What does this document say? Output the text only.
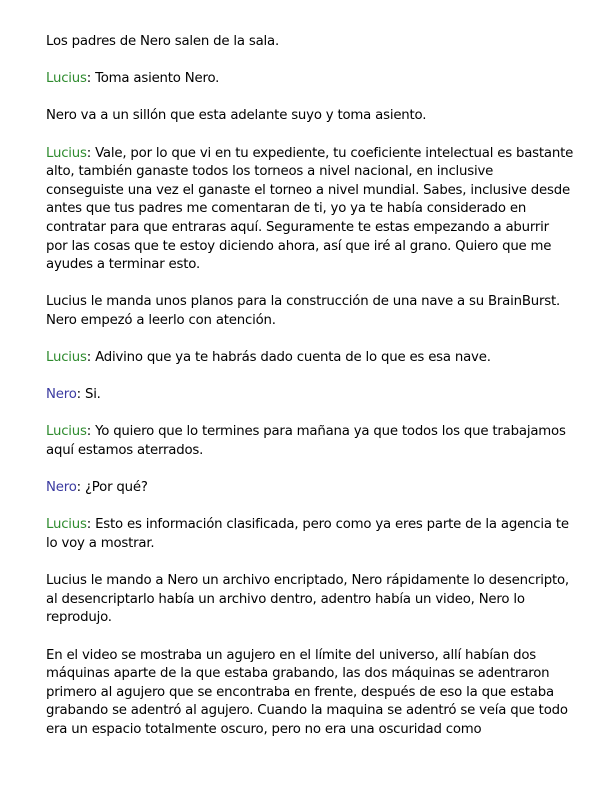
Los padres de Nero salen de la sala.

Lucius: Toma asiento Nero.

Nero va a un sillón que esta adelante suyo y toma asiento.

Lucius: Vale, por lo que vi en tu expediente, tu coeficiente intelectual es bastante alto, también ganaste todos los torneos a nivel nacional, en inclusive conseguiste una vez el ganaste el torneo a nivel mundial. Sabes, inclusive desde antes que tus padres me comentaran de ti, yo ya te había considerado en contratar para que entraras aquí. Seguramente te estas empezando a aburrir por las cosas que te estoy diciendo ahora, así que iré al grano. Quiero que me ayudes a terminar esto.

Lucius le manda unos planos para la construcción de una nave a su BrainBurst. Nero empezó a leerlo con atención.

Lucius: Adivino que ya te habrás dado cuenta de lo que es esa nave.

Nero: Si.

Lucius: Yo quiero que lo termines para mañana ya que todos los que trabajamos aquí estamos aterrados.

Nero: ¿Por qué?

Lucius: Esto es información clasificada, pero como ya eres parte de la agencia te lo voy a mostrar.

Lucius le mando a Nero un archivo encriptado, Nero rápidamente lo desencripto, al desencriptarlo había un archivo dentro, adentro había un video, Nero lo reprodujo.

En el video se mostraba un agujero en el límite del universo, allí habían dos máquinas aparte de la que estaba grabando, las dos máquinas se adentraron primero al agujero que se encontraba en frente, después de eso la que estaba grabando se adentró al agujero. Cuando la maquina se adentró se veía que todo era un espacio totalmente oscuro, pero no era una oscuridad como
